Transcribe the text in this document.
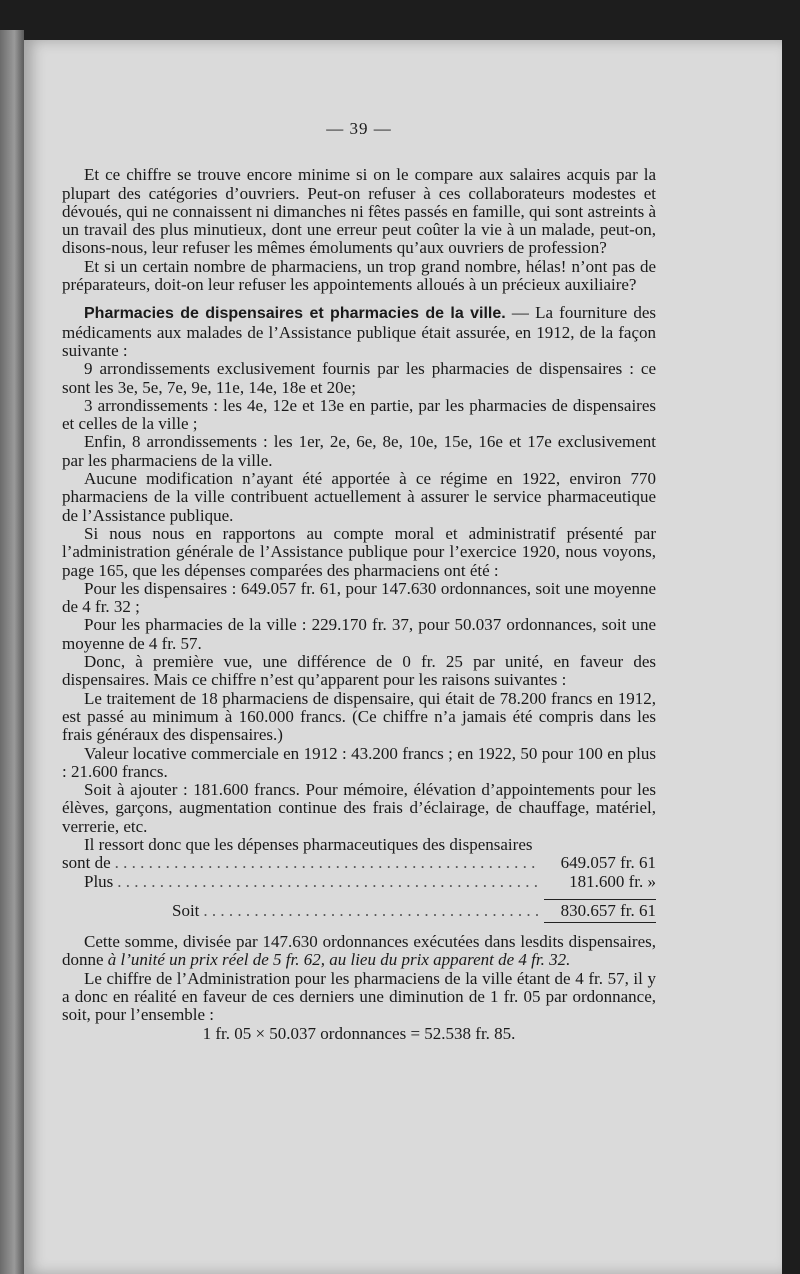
— 39 —

Et ce chiffre se trouve encore minime si on le compare aux salaires acquis par la plupart des catégories d’ouvriers. Peut-on refuser à ces collaborateurs modestes et dévoués, qui ne connaissent ni dimanches ni fêtes passés en famille, qui sont astreints à un travail des plus minutieux, dont une erreur peut coûter la vie à un malade, peut-on, disons-nous, leur refuser les mêmes émoluments qu’aux ouvriers de profession?

Et si un certain nombre de pharmaciens, un trop grand nombre, hélas! n’ont pas de préparateurs, doit-on leur refuser les appointements alloués à un précieux auxiliaire?

Pharmacies de dispensaires et pharmacies de la ville. — La fourniture des médicaments aux malades de l’Assistance publique était assurée, en 1912, de la façon suivante :

9 arrondissements exclusivement fournis par les pharmacies de dispensaires : ce sont les 3e, 5e, 7e, 9e, 11e, 14e, 18e et 20e;

3 arrondissements : les 4e, 12e et 13e en partie, par les pharmacies de dispensaires et celles de la ville ;

Enfin, 8 arrondissements : les 1er, 2e, 6e, 8e, 10e, 15e, 16e et 17e exclusivement par les pharmaciens de la ville.

Aucune modification n’ayant été apportée à ce régime en 1922, environ 770 pharmaciens de la ville contribuent actuellement à assurer le service pharmaceutique de l’Assistance publique.

Si nous nous en rapportons au compte moral et administratif présenté par l’administration générale de l’Assistance publique pour l’exercice 1920, nous voyons, page 165, que les dépenses comparées des pharmaciens ont été :

Pour les dispensaires : 649.057 fr. 61, pour 147.630 ordonnances, soit une moyenne de 4 fr. 32 ;

Pour les pharmacies de la ville : 229.170 fr. 37, pour 50.037 ordonnances, soit une moyenne de 4 fr. 57.

Donc, à première vue, une différence de 0 fr. 25 par unité, en faveur des dispensaires. Mais ce chiffre n’est qu’apparent pour les raisons suivantes :

Le traitement de 18 pharmaciens de dispensaire, qui était de 78.200 francs en 1912, est passé au minimum à 160.000 francs. (Ce chiffre n’a jamais été compris dans les frais généraux des dispensaires.)

Valeur locative commerciale en 1912 : 43.200 francs ; en 1922, 50 pour 100 en plus : 21.600 francs.

Soit à ajouter : 181.600 francs. Pour mémoire, élévation d’appointements pour les élèves, garçons, augmentation continue des frais d’éclairage, de chauffage, matériel, verrerie, etc.

Il ressort donc que les dépenses pharmaceutiques des dispensaires

sont de . . .	649.057 fr. 61
Plus . . .	181.600 fr. »
Soit . . .	830.657 fr. 61

Cette somme, divisée par 147.630 ordonnances exécutées dans lesdits dispensaires, donne à l’unité un prix réel de 5 fr. 62, au lieu du prix apparent de 4 fr. 32.

Le chiffre de l’Administration pour les pharmaciens de la ville étant de 4 fr. 57, il y a donc en réalité en faveur de ces derniers une diminution de 1 fr. 05 par ordonnance, soit, pour l’ensemble :

1 fr. 05 × 50.037 ordonnances = 52.538 fr. 85.
